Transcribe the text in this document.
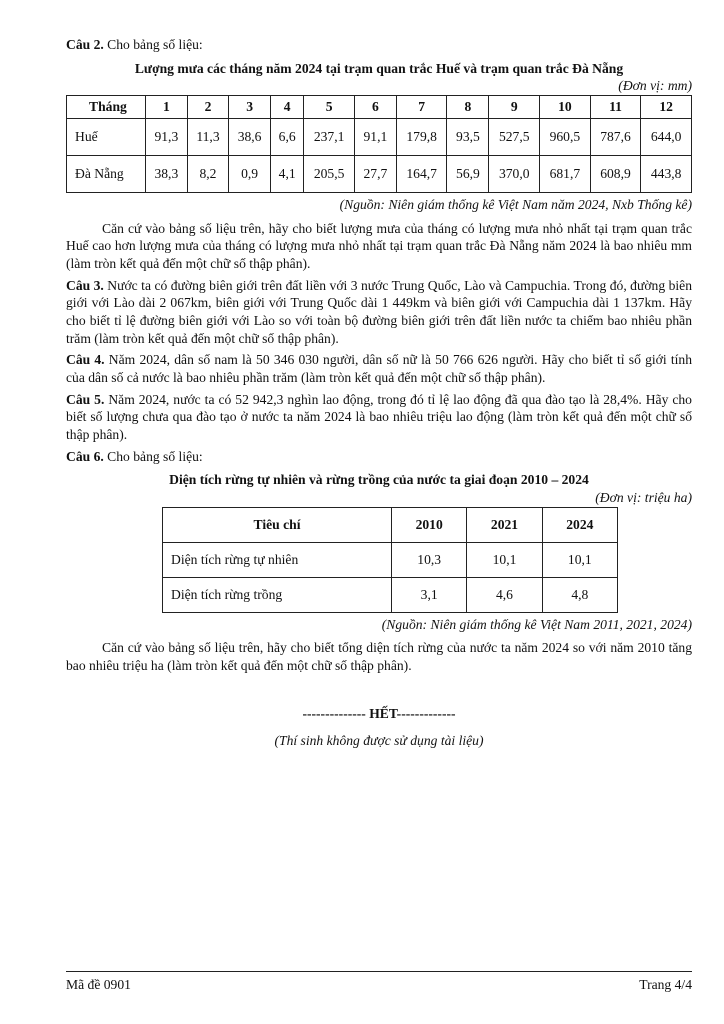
Câu 2. Cho bảng số liệu:

Lượng mưa các tháng năm 2024 tại trạm quan trắc Huế và trạm quan trắc Đà Nẵng

(Đơn vị: mm)

Tháng	1	2	3	4	5	6	7	8	9	10	11	12
Huế	91,3	11,3	38,6	6,6	237,1	91,1	179,8	93,5	527,5	960,5	787,6	644,0
Đà Nẵng	38,3	8,2	0,9	4,1	205,5	27,7	164,7	56,9	370,0	681,7	608,9	443,8

(Nguồn: Niên giám thống kê Việt Nam năm 2024, Nxb Thống kê)

Căn cứ vào bảng số liệu trên, hãy cho biết lượng mưa của tháng có lượng mưa nhỏ nhất tại trạm quan trắc Huế cao hơn lượng mưa của tháng có lượng mưa nhỏ nhất tại trạm quan trắc Đà Nẵng năm 2024 là bao nhiêu mm (làm tròn kết quả đến một chữ số thập phân).

Câu 3. Nước ta có đường biên giới trên đất liền với 3 nước Trung Quốc, Lào và Campuchia. Trong đó, đường biên giới với Lào dài 2 067km, biên giới với Trung Quốc dài 1 449km và biên giới với Campuchia dài 1 137km. Hãy cho biết tỉ lệ đường biên giới với Lào so với toàn bộ đường biên giới trên đất liền nước ta chiếm bao nhiêu phần trăm (làm tròn kết quả đến một chữ số thập phân).

Câu 4. Năm 2024, dân số nam là 50 346 030 người, dân số nữ là 50 766 626 người. Hãy cho biết tỉ số giới tính của dân số cả nước là bao nhiêu phần trăm (làm tròn kết quả đến một chữ số thập phân).

Câu 5. Năm 2024, nước ta có 52 942,3 nghìn lao động, trong đó tỉ lệ lao động đã qua đào tạo là 28,4%. Hãy cho biết số lượng chưa qua đào tạo ở nước ta năm 2024 là bao nhiêu triệu lao động (làm tròn kết quả đến một chữ số thập phân).

Câu 6. Cho bảng số liệu:

Diện tích rừng tự nhiên và rừng trồng của nước ta giai đoạn 2010 – 2024

(Đơn vị: triệu ha)

Tiêu chí	2010	2021	2024
Diện tích rừng tự nhiên	10,3	10,1	10,1
Diện tích rừng trồng	3,1	4,6	4,8

(Nguồn: Niên giám thống kê Việt Nam 2011, 2021, 2024)

Căn cứ vào bảng số liệu trên, hãy cho biết tổng diện tích rừng của nước ta năm 2024 so với năm 2010 tăng bao nhiêu triệu ha (làm tròn kết quả đến một chữ số thập phân).

-------------- HẾT-------------

(Thí sinh không được sử dụng tài liệu)

Mã đề 0901	Trang 4/4
